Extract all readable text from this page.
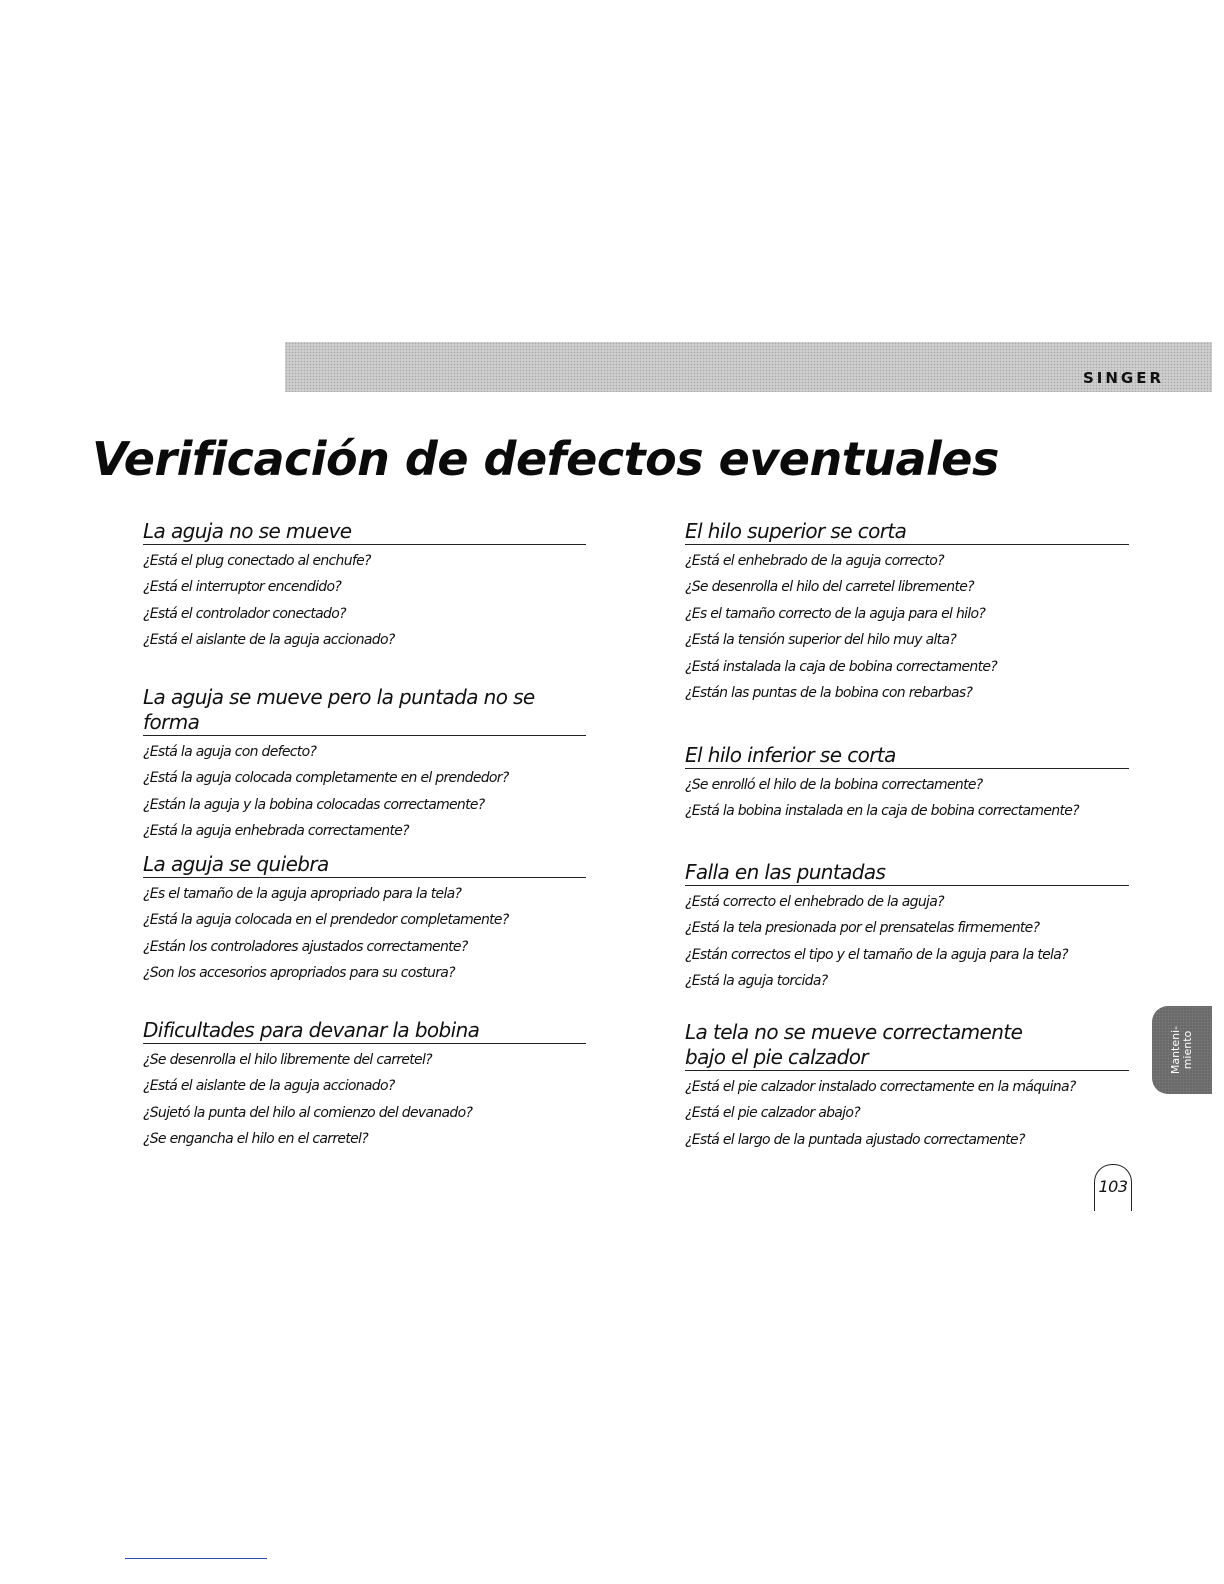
SINGER
Verificación de defectos eventuales
La aguja no se mueve
¿Está el plug conectado al enchufe?
¿Está el interruptor encendido?
¿Está el controlador conectado?
¿Está el aislante de la aguja accionado?
La aguja se mueve pero la puntada no se forma
¿Está la aguja con defecto?
¿Está la aguja colocada completamente en el prendedor?
¿Están la aguja y la bobina colocadas correctamente?
¿Está la aguja enhebrada correctamente?
La aguja se quiebra
¿Es el tamaño de la aguja apropriado para la tela?
¿Está la aguja colocada en el prendedor completamente?
¿Están los controladores ajustados correctamente?
¿Son los accesorios apropriados para su costura?
Dificultades para devanar la bobina
¿Se desenrolla el hilo libremente del carretel?
¿Está el aislante de la aguja accionado?
¿Sujetó la punta del hilo al comienzo del devanado?
¿Se engancha el hilo en el carretel?
El hilo superior se corta
¿Está el enhebrado de la aguja correcto?
¿Se desenrolla el hilo del carretel libremente?
¿Es el tamaño correcto de la aguja para el hilo?
¿Está la tensión superior del hilo muy alta?
¿Está instalada la caja de bobina correctamente?
¿Están las puntas de la bobina con rebarbas?
El hilo inferior se corta
¿Se enrolló el hilo de la bobina correctamente?
¿Está la bobina instalada en la caja de bobina correctamente?
Falla en las puntadas
¿Está correcto el enhebrado de la aguja?
¿Está la tela presionada por el prensatelas firmemente?
¿Están correctos el tipo y el tamaño de la aguja para la tela?
¿Está la aguja torcida?
La tela no se mueve correctamente
bajo el pie calzador
¿Está el pie calzador instalado correctamente en la máquina?
¿Está el pie calzador abajo?
¿Está el largo de la puntada ajustado correctamente?
Manteni-
miento
103
